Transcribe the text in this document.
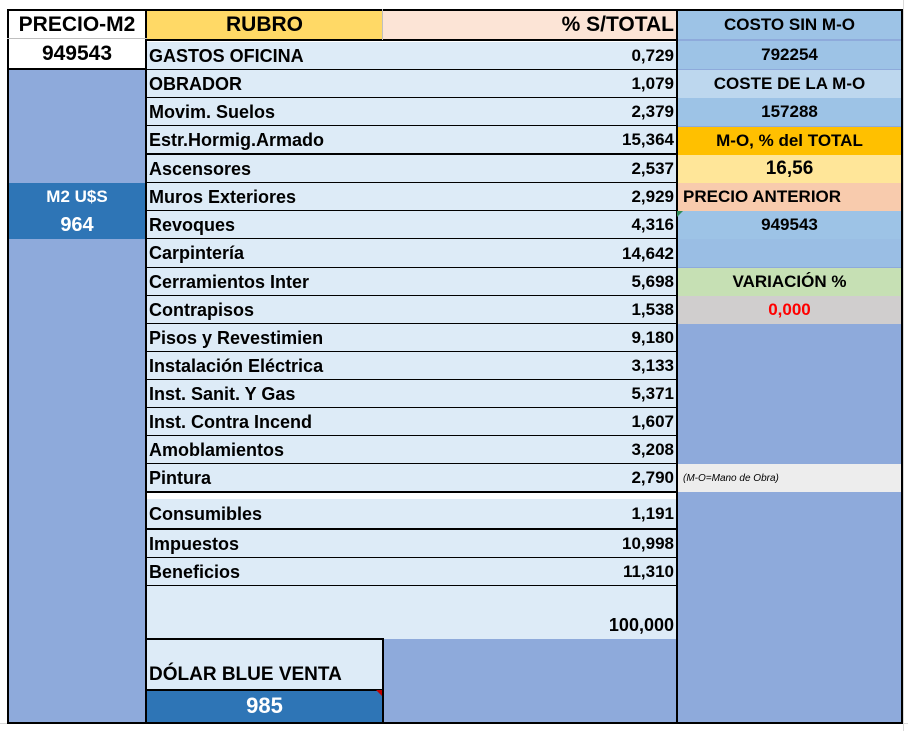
PRECIO-M2
949543
M2 U$S
964
RUBRO	% S/TOTAL
GASTOS OFICINA	0,729
OBRADOR	1,079
Movim. Suelos	2,379
Estr.Hormig.Armado	15,364
Ascensores	2,537
Muros Exteriores	2,929
Revoques	4,316
Carpintería	14,642
Cerramientos Inter	5,698
Contrapisos	1,538
Pisos y Revestimien	9,180
Instalación Eléctrica	3,133
Inst. Sanit. Y Gas	5,371
Inst. Contra Incend	1,607
Amoblamientos	3,208
Pintura	2,790
Consumibles	1,191
Impuestos	10,998
Beneficios	11,310
100,000
DÓLAR BLUE VENTA
985
COSTO SIN M-O
792254
COSTE DE LA M-O
157288
M-O, % del TOTAL
16,56
PRECIO ANTERIOR
949543
VARIACIÓN %
0,000
(M-O=Mano de Obra)
